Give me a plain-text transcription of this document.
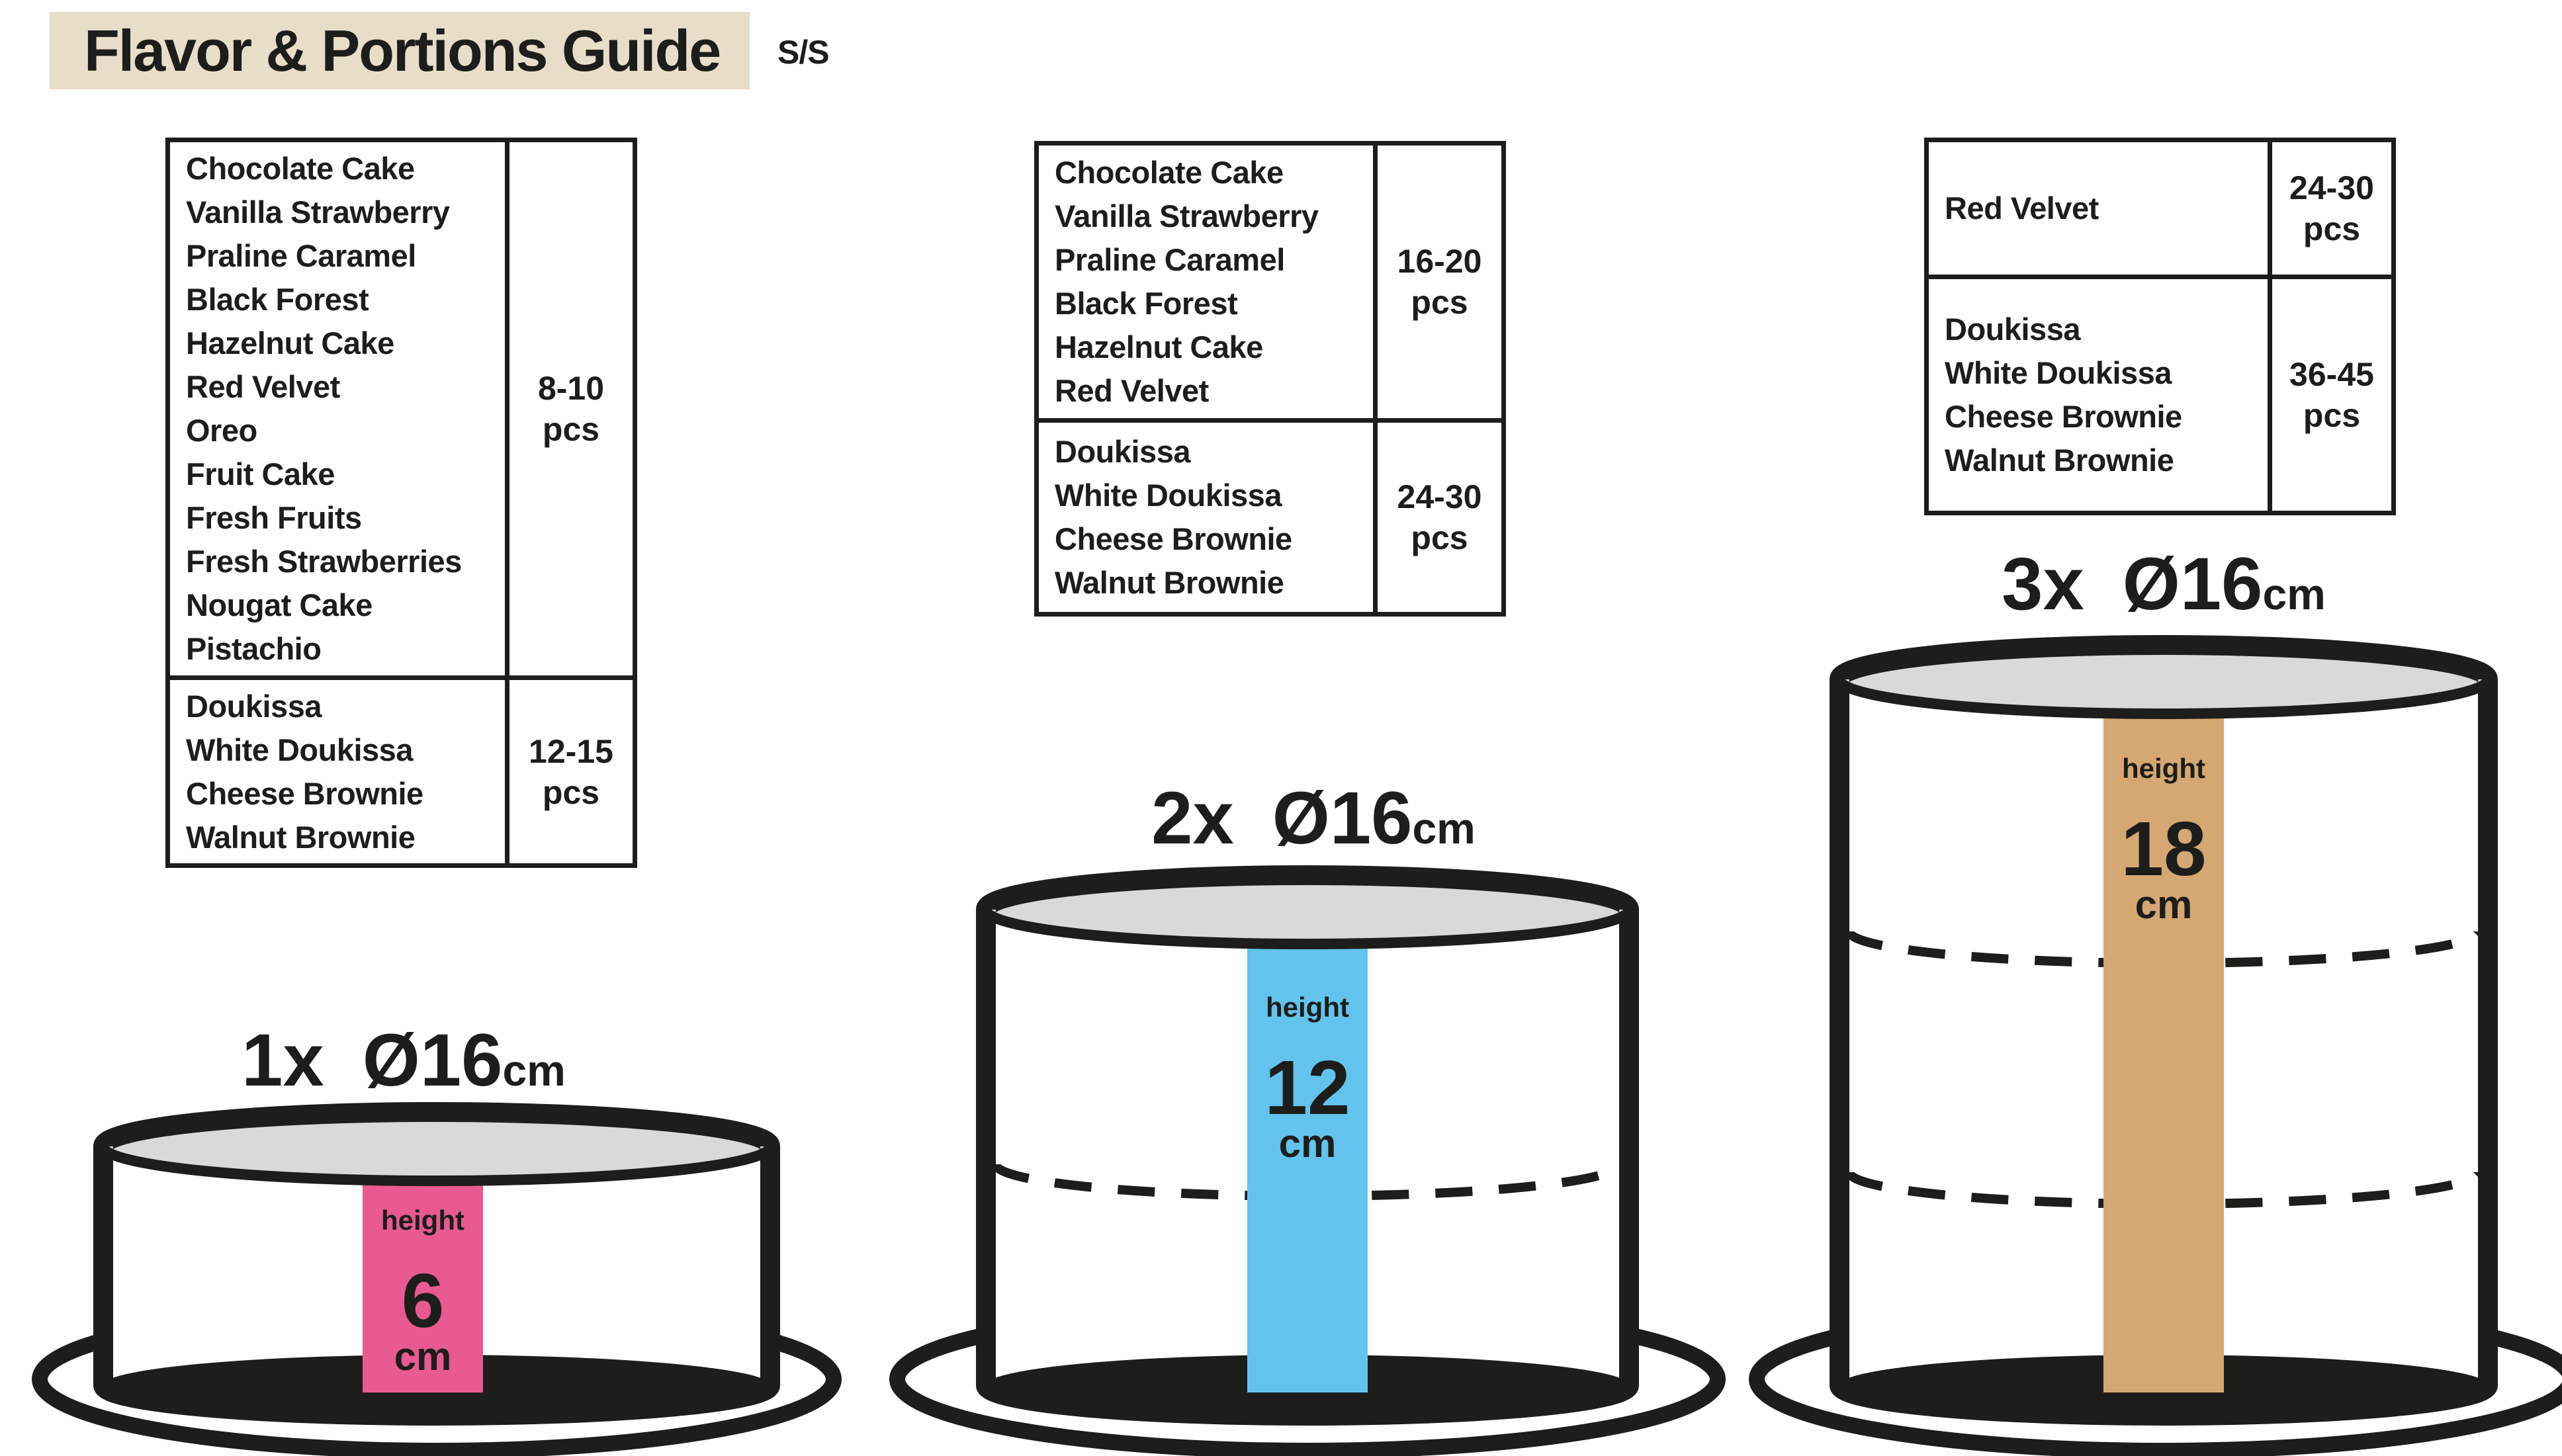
Flavor & Portions Guide S/S
Chocolate Cake
Vanilla Strawberry
Praline Caramel
Black Forest
Hazelnut Cake
Red Velvet
Oreo
Fruit Cake
Fresh Fruits
Fresh Strawberries
Nougat Cake
Pistachio
8-10
pcs
Doukissa
White Doukissa
Cheese Brownie
Walnut Brownie
12-15
pcs
Chocolate Cake
Vanilla Strawberry
Praline Caramel
Black Forest
Hazelnut Cake
Red Velvet
16-20
pcs
Doukissa
White Doukissa
Cheese Brownie
Walnut Brownie
24-30
pcs
Red Velvet
24-30
pcs
Doukissa
White Doukissa
Cheese Brownie
Walnut Brownie
36-45
pcs
1x Ø16 cm
2x Ø16 cm
3x Ø16 cm
height
6
cm
height
12
cm
height
18
cm
